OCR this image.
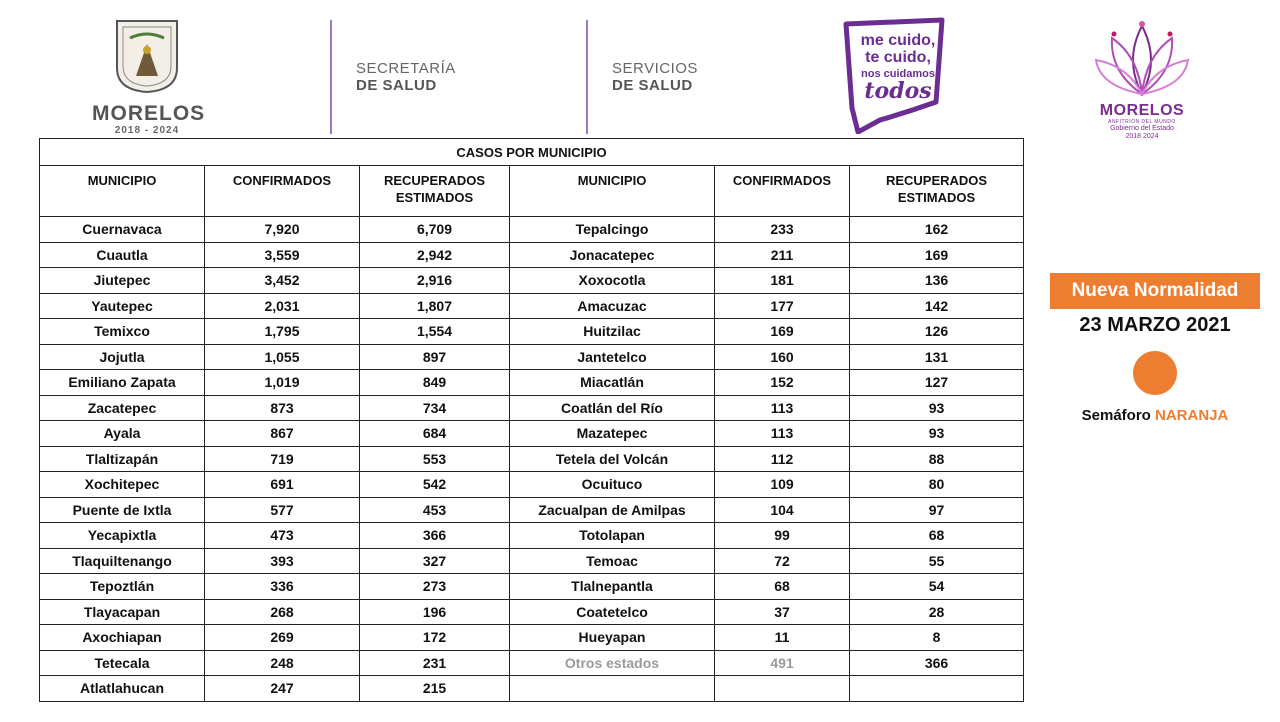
MORELOS
2018 - 2024
SECRETARÍA
DE SALUD
SERVICIOS
DE SALUD
me cuido,
te cuido,
nos cuidamos
todos
MORELOS
ANFITRIÓN DEL MUNDO
Gobierno del Estado
2018 2024
CASOS POR MUNICIPIO					
MUNICIPIO	CONFIRMADOS	RECUPERADOS ESTIMADOS	MUNICIPIO	CONFIRMADOS	RECUPERADOS ESTIMADOS
Cuernavaca	7,920	6,709	Tepalcingo	233	162
Cuautla	3,559	2,942	Jonacatepec	211	169
Jiutepec	3,452	2,916	Xoxocotla	181	136
Yautepec	2,031	1,807	Amacuzac	177	142
Temixco	1,795	1,554	Huitzilac	169	126
Jojutla	1,055	897	Jantetelco	160	131
Emiliano Zapata	1,019	849	Miacatlán	152	127
Zacatepec	873	734	Coatlán del Río	113	93
Ayala	867	684	Mazatepec	113	93
Tlaltizapán	719	553	Tetela del Volcán	112	88
Xochitepec	691	542	Ocuituco	109	80
Puente de Ixtla	577	453	Zacualpan de Amilpas	104	97
Yecapixtla	473	366	Totolapan	99	68
Tlaquiltenango	393	327	Temoac	72	55
Tepoztlán	336	273	Tlalnepantla	68	54
Tlayacapan	268	196	Coatetelco	37	28
Axochiapan	269	172	Hueyapan	11	8
Tetecala	248	231	Otros estados	491	366
Atlatlahucan	247	215			
Nueva Normalidad
23 MARZO 2021
Semáforo NARANJA
